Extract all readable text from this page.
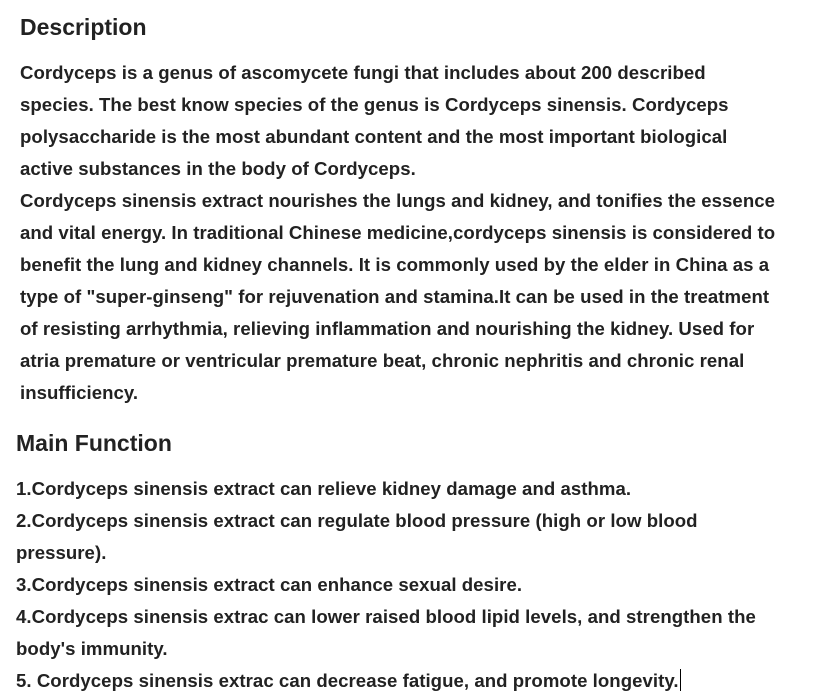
Description
Cordyceps is a genus of ascomycete fungi that includes about 200 described
species. The best know species of the genus is Cordyceps sinensis. Cordyceps
polysaccharide is the most abundant content and the most important biological
active substances in the body of Cordyceps.
Cordyceps sinensis extract nourishes the lungs and kidney, and tonifies the essence
and vital energy. In traditional Chinese medicine,cordyceps sinensis is considered to
benefit the lung and kidney channels. It is commonly used by the elder in China as a
type of "super-ginseng" for rejuvenation and stamina.It can be used in the treatment
of resisting arrhythmia, relieving inflammation and nourishing the kidney. Used for
atria premature or ventricular premature beat, chronic nephritis and chronic renal
insufficiency.
Main Function
1.Cordyceps sinensis extract can relieve kidney damage and asthma.
2.Cordyceps sinensis extract can regulate blood pressure (high or low blood
pressure).
3.Cordyceps sinensis extract can enhance sexual desire.
4.Cordyceps sinensis extrac can lower raised blood lipid levels, and strengthen the
body's immunity.
5. Cordyceps sinensis extrac can decrease fatigue, and promote longevity.
